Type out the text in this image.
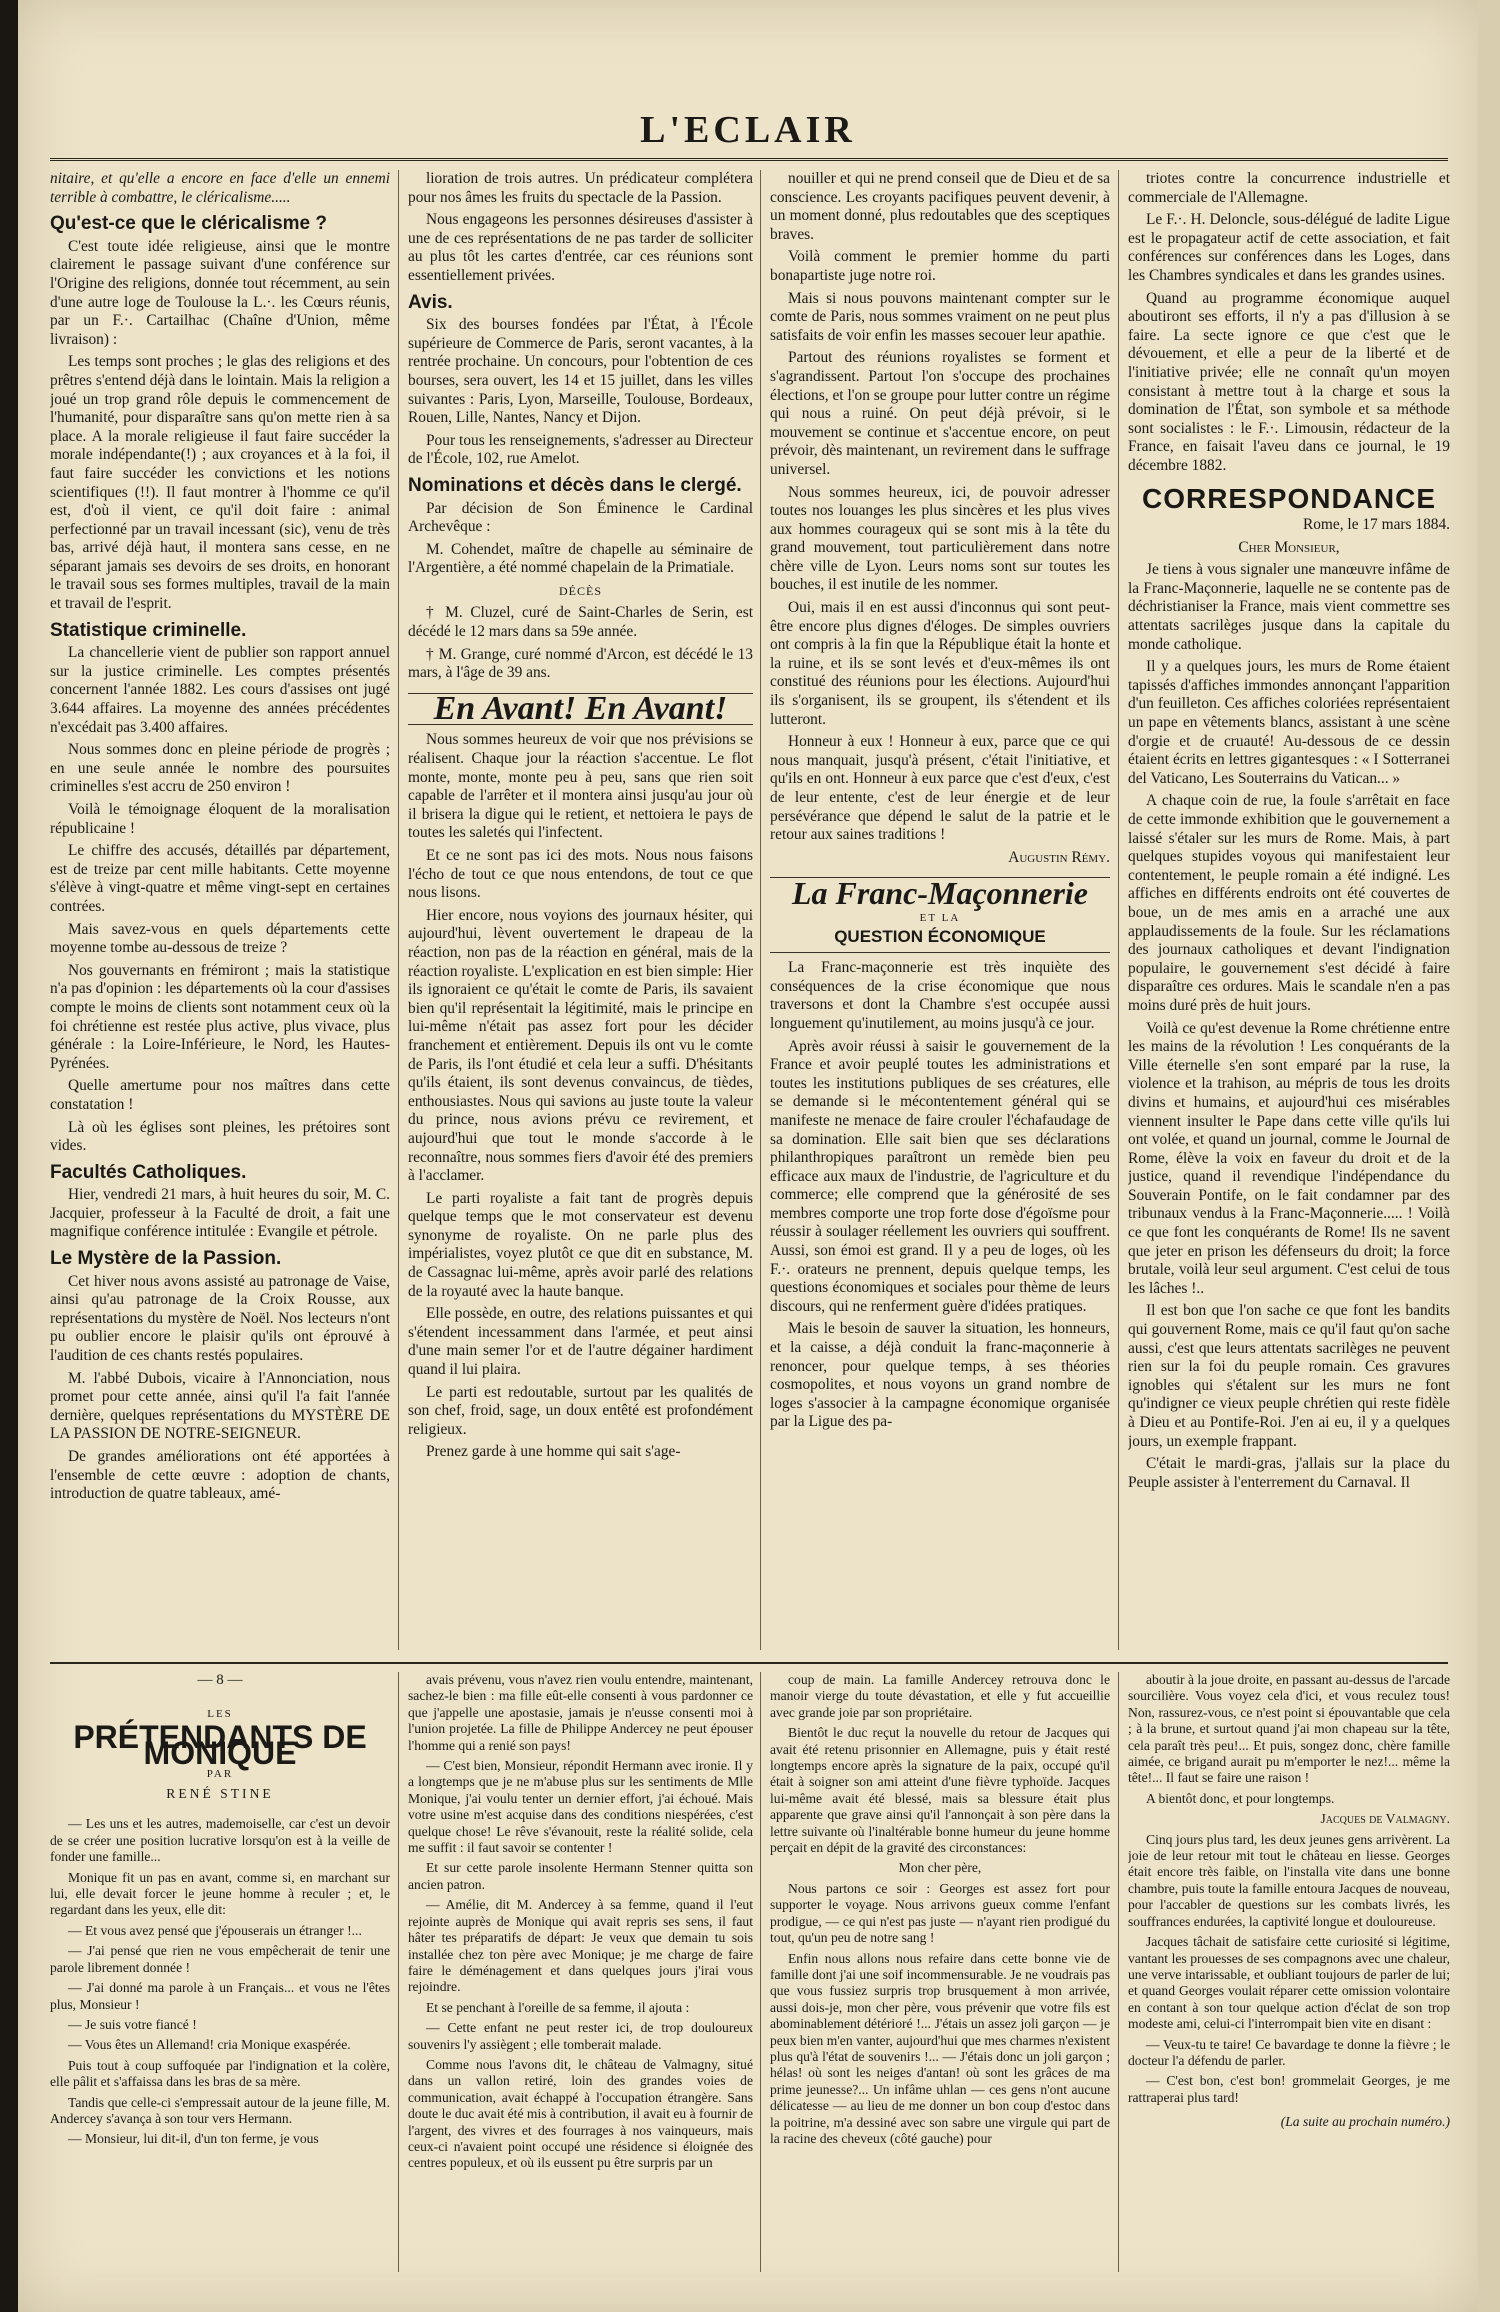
L'ECLAIR

nitaire, et qu'elle a encore en face d'elle un ennemi terrible à combattre, le cléricalisme.....

Qu'est-ce que le cléricalisme ?

C'est toute idée religieuse, ainsi que le montre clairement le passage suivant d'une conférence sur l'Origine des religions, donnée tout récemment, au sein d'une autre loge de Toulouse la L.·. les Cœurs réunis, par un F.·. Cartailhac (Chaîne d'Union, même livraison) :

Les temps sont proches ; le glas des religions et des prêtres s'entend déjà dans le lointain. Mais la religion a joué un trop grand rôle depuis le commencement de l'humanité, pour disparaître sans qu'on mette rien à sa place. A la morale religieuse il faut faire succéder la morale indépendante(!) ; aux croyances et à la foi, il faut faire succéder les convictions et les notions scientifiques (!!). Il faut montrer à l'homme ce qu'il est, d'où il vient, ce qu'il doit faire : animal perfectionné par un travail incessant (sic), venu de très bas, arrivé déjà haut, il montera sans cesse, en ne séparant jamais ses devoirs de ses droits, en honorant le travail sous ses formes multiples, travail de la main et travail de l'esprit.

Statistique criminelle.

La chancellerie vient de publier son rapport annuel sur la justice criminelle. Les comptes présentés concernent l'année 1882. Les cours d'assises ont jugé 3.644 affaires. La moyenne des années précédentes n'excédait pas 3.400 affaires.

Nous sommes donc en pleine période de progrès ; en une seule année le nombre des poursuites criminelles s'est accru de 250 environ !

Voilà le témoignage éloquent de la moralisation républicaine !

Le chiffre des accusés, détaillés par département, est de treize par cent mille habitants. Cette moyenne s'élève à vingt-quatre et même vingt-sept en certaines contrées.

Mais savez-vous en quels départements cette moyenne tombe au-dessous de treize ?

Nos gouvernants en frémiront ; mais la statistique n'a pas d'opinion : les départements où la cour d'assises compte le moins de clients sont notamment ceux où la foi chrétienne est restée plus active, plus vivace, plus générale : la Loire-Inférieure, le Nord, les Hautes-Pyrénées.

Quelle amertume pour nos maîtres dans cette constatation !

Là où les églises sont pleines, les prétoires sont vides.

Facultés Catholiques.

Hier, vendredi 21 mars, à huit heures du soir, M. C. Jacquier, professeur à la Faculté de droit, a fait une magnifique conférence intitulée : Evangile et pétrole.

Le Mystère de la Passion.

Cet hiver nous avons assisté au patronage de Vaise, ainsi qu'au patronage de la Croix Rousse, aux représentations du mystère de Noël. Nos lecteurs n'ont pu oublier encore le plaisir qu'ils ont éprouvé à l'audition de ces chants restés populaires.

M. l'abbé Dubois, vicaire à l'Annonciation, nous promet pour cette année, ainsi qu'il l'a fait l'année dernière, quelques représentations du MYSTÈRE DE LA PASSION DE NOTRE-SEIGNEUR.

De grandes améliorations ont été apportées à l'ensemble de cette œuvre : adoption de chants, introduction de quatre tableaux, amé-

lioration de trois autres. Un prédicateur complétera pour nos âmes les fruits du spectacle de la Passion.

Nous engageons les personnes désireuses d'assister à une de ces représentations de ne pas tarder de solliciter au plus tôt les cartes d'entrée, car ces réunions sont essentiellement privées.

Avis.

Six des bourses fondées par l'État, à l'École supérieure de Commerce de Paris, seront vacantes, à la rentrée prochaine. Un concours, pour l'obtention de ces bourses, sera ouvert, les 14 et 15 juillet, dans les villes suivantes : Paris, Lyon, Marseille, Toulouse, Bordeaux, Rouen, Lille, Nantes, Nancy et Dijon.

Pour tous les renseignements, s'adresser au Directeur de l'École, 102, rue Amelot.

Nominations et décès dans le clergé.

Par décision de Son Éminence le Cardinal Archevêque :

M. Cohendet, maître de chapelle au séminaire de l'Argentière, a été nommé chapelain de la Primatiale.

DÉCÈS

† M. Cluzel, curé de Saint-Charles de Serin, est décédé le 12 mars dans sa 59e année.

† M. Grange, curé nommé d'Arcon, est décédé le 13 mars, à l'âge de 39 ans.

En Avant! En Avant!

Nous sommes heureux de voir que nos prévisions se réalisent. Chaque jour la réaction s'accentue. Le flot monte, monte, monte peu à peu, sans que rien soit capable de l'arrêter et il montera ainsi jusqu'au jour où il brisera la digue qui le retient, et nettoiera le pays de toutes les saletés qui l'infectent.

Et ce ne sont pas ici des mots. Nous nous faisons l'écho de tout ce que nous entendons, de tout ce que nous lisons.

Hier encore, nous voyions des journaux hésiter, qui aujourd'hui, lèvent ouvertement le drapeau de la réaction, non pas de la réaction en général, mais de la réaction royaliste. L'explication en est bien simple: Hier ils ignoraient ce qu'était le comte de Paris, ils savaient bien qu'il représentait la légitimité, mais le principe en lui-même n'était pas assez fort pour les décider franchement et entièrement. Depuis ils ont vu le comte de Paris, ils l'ont étudié et cela leur a suffi. D'hésitants qu'ils étaient, ils sont devenus convaincus, de tièdes, enthousiastes. Nous qui savions au juste toute la valeur du prince, nous avions prévu ce revirement, et aujourd'hui que tout le monde s'accorde à le reconnaître, nous sommes fiers d'avoir été des premiers à l'acclamer.

Le parti royaliste a fait tant de progrès depuis quelque temps que le mot conservateur est devenu synonyme de royaliste. On ne parle plus des impérialistes, voyez plutôt ce que dit en substance, M. de Cassagnac lui-même, après avoir parlé des relations de la royauté avec la haute banque.

Elle possède, en outre, des relations puissantes et qui s'étendent incessamment dans l'armée, et peut ainsi d'une main semer l'or et de l'autre dégainer hardiment quand il lui plaira.

Le parti est redoutable, surtout par les qualités de son chef, froid, sage, un doux entêté est profondément religieux.

Prenez garde à une homme qui sait s'age-

nouiller et qui ne prend conseil que de Dieu et de sa conscience. Les croyants pacifiques peuvent devenir, à un moment donné, plus redoutables que des sceptiques braves.

Voilà comment le premier homme du parti bonapartiste juge notre roi.

Mais si nous pouvons maintenant compter sur le comte de Paris, nous sommes vraiment on ne peut plus satisfaits de voir enfin les masses secouer leur apathie.

Partout des réunions royalistes se forment et s'agrandissent. Partout l'on s'occupe des prochaines élections, et l'on se groupe pour lutter contre un régime qui nous a ruiné. On peut déjà prévoir, si le mouvement se continue et s'accentue encore, on peut prévoir, dès maintenant, un revirement dans le suffrage universel.

Nous sommes heureux, ici, de pouvoir adresser toutes nos louanges les plus sincères et les plus vives aux hommes courageux qui se sont mis à la tête du grand mouvement, tout particulièrement dans notre chère ville de Lyon. Leurs noms sont sur toutes les bouches, il est inutile de les nommer.

Oui, mais il en est aussi d'inconnus qui sont peut-être encore plus dignes d'éloges. De simples ouvriers ont compris à la fin que la République était la honte et la ruine, et ils se sont levés et d'eux-mêmes ils ont constitué des réunions pour les élections. Aujourd'hui ils s'organisent, ils se groupent, ils s'étendent et ils lutteront.

Honneur à eux ! Honneur à eux, parce que ce qui nous manquait, jusqu'à présent, c'était l'initiative, et qu'ils en ont. Honneur à eux parce que c'est d'eux, c'est de leur entente, c'est de leur énergie et de leur persévérance que dépend le salut de la patrie et le retour aux saines traditions !

Augustin Rémy.

La Franc-Maçonnerie
ET LA
QUESTION ÉCONOMIQUE

La Franc-maçonnerie est très inquiète des conséquences de la crise économique que nous traversons et dont la Chambre s'est occupée aussi longuement qu'inutilement, au moins jusqu'à ce jour.

Après avoir réussi à saisir le gouvernement de la France et avoir peuplé toutes les administrations et toutes les institutions publiques de ses créatures, elle se demande si le mécontentement général qui se manifeste ne menace de faire crouler l'échafaudage de sa domination. Elle sait bien que ses déclarations philanthropiques paraîtront un remède bien peu efficace aux maux de l'industrie, de l'agriculture et du commerce; elle comprend que la générosité de ses membres comporte une trop forte dose d'égoïsme pour réussir à soulager réellement les ouvriers qui souffrent. Aussi, son émoi est grand. Il y a peu de loges, où les F.·. orateurs ne prennent, depuis quelque temps, les questions économiques et sociales pour thème de leurs discours, qui ne renferment guère d'idées pratiques.

Mais le besoin de sauver la situation, les honneurs, et la caisse, a déjà conduit la franc-maçonnerie à renoncer, pour quelque temps, à ses théories cosmopolites, et nous voyons un grand nombre de loges s'associer à la campagne économique organisée par la Ligue des pa-

triotes contre la concurrence industrielle et commerciale de l'Allemagne.

Le F.·. H. Deloncle, sous-délégué de ladite Ligue est le propagateur actif de cette association, et fait conférences sur conférences dans les Loges, dans les Chambres syndicales et dans les grandes usines.

Quand au programme économique auquel aboutiront ses efforts, il n'y a pas d'illusion à se faire. La secte ignore ce que c'est que le dévouement, et elle a peur de la liberté et de l'initiative privée; elle ne connaît qu'un moyen consistant à mettre tout à la charge et sous la domination de l'État, son symbole et sa méthode sont socialistes : le F.·. Limousin, rédacteur de la France, en faisait l'aveu dans ce journal, le 19 décembre 1882.

CORRESPONDANCE

Rome, le 17 mars 1884.

Cher Monsieur,

Je tiens à vous signaler une manœuvre infâme de la Franc-Maçonnerie, laquelle ne se contente pas de déchristianiser la France, mais vient commettre ses attentats sacrilèges jusque dans la capitale du monde catholique.

Il y a quelques jours, les murs de Rome étaient tapissés d'affiches immondes annonçant l'apparition d'un feuilleton. Ces affiches coloriées représentaient un pape en vêtements blancs, assistant à une scène d'orgie et de cruauté! Au-dessous de ce dessin étaient écrits en lettres gigantesques : « I Sotterranei del Vaticano, Les Souterrains du Vatican... »

A chaque coin de rue, la foule s'arrêtait en face de cette immonde exhibition que le gouvernement a laissé s'étaler sur les murs de Rome. Mais, à part quelques stupides voyous qui manifestaient leur contentement, le peuple romain a été indigné. Les affiches en différents endroits ont été couvertes de boue, un de mes amis en a arraché une aux applaudissements de la foule. Sur les réclamations des journaux catholiques et devant l'indignation populaire, le gouvernement s'est décidé à faire disparaître ces ordures. Mais le scandale n'en a pas moins duré près de huit jours.

Voilà ce qu'est devenue la Rome chrétienne entre les mains de la révolution ! Les conquérants de la Ville éternelle s'en sont emparé par la ruse, la violence et la trahison, au mépris de tous les droits divins et humains, et aujourd'hui ces misérables viennent insulter le Pape dans cette ville qu'ils lui ont volée, et quand un journal, comme le Journal de Rome, élève la voix en faveur du droit et de la justice, quand il revendique l'indépendance du Souverain Pontife, on le fait condamner par des tribunaux vendus à la Franc-Maçonnerie..... ! Voilà ce que font les conquérants de Rome! Ils ne savent que jeter en prison les défenseurs du droit; la force brutale, voilà leur seul argument. C'est celui de tous les lâches !..

Il est bon que l'on sache ce que font les bandits qui gouvernent Rome, mais ce qu'il faut qu'on sache aussi, c'est que leurs attentats sacrilèges ne peuvent rien sur la foi du peuple romain. Ces gravures ignobles qui s'étalent sur les murs ne font qu'indigner ce vieux peuple chrétien qui reste fidèle à Dieu et au Pontife-Roi. J'en ai eu, il y a quelques jours, un exemple frappant.

C'était le mardi-gras, j'allais sur la place du Peuple assister à l'enterrement du Carnaval. Il

— 8 —
LES
PRÉTENDANTS DE MONIQUE
PAR
RENÉ STINE

— Les uns et les autres, mademoiselle, car c'est un devoir de se créer une position lucrative lorsqu'on est à la veille de fonder une famille...

Monique fit un pas en avant, comme si, en marchant sur lui, elle devait forcer le jeune homme à reculer ; et, le regardant dans les yeux, elle dit:

— Et vous avez pensé que j'épouserais un étranger !...

— J'ai pensé que rien ne vous empêcherait de tenir une parole librement donnée !

— J'ai donné ma parole à un Français... et vous ne l'êtes plus, Monsieur !

— Je suis votre fiancé !

— Vous êtes un Allemand! cria Monique exaspérée.

Puis tout à coup suffoquée par l'indignation et la colère, elle pâlit et s'affaissa dans les bras de sa mère.

Tandis que celle-ci s'empressait autour de la jeune fille, M. Andercey s'avança à son tour vers Hermann.

— Monsieur, lui dit-il, d'un ton ferme, je vous

avais prévenu, vous n'avez rien voulu entendre, maintenant, sachez-le bien : ma fille eût-elle consenti à vous pardonner ce que j'appelle une apostasie, jamais je n'eusse consenti moi à l'union projetée. La fille de Philippe Andercey ne peut épouser l'homme qui a renié son pays!

— C'est bien, Monsieur, répondit Hermann avec ironie. Il y a longtemps que je ne m'abuse plus sur les sentiments de Mlle Monique, j'ai voulu tenter un dernier effort, j'ai échoué. Mais votre usine m'est acquise dans des conditions niespérées, c'est quelque chose! Le rêve s'évanouit, reste la réalité solide, cela me suffit : il faut savoir se contenter !

Et sur cette parole insolente Hermann Stenner quitta son ancien patron.

— Amélie, dit M. Andercey à sa femme, quand il l'eut rejointe auprès de Monique qui avait repris ses sens, il faut hâter tes préparatifs de départ: Je veux que demain tu sois installée chez ton père avec Monique; je me charge de faire faire le déménagement et dans quelques jours j'irai vous rejoindre.

Et se penchant à l'oreille de sa femme, il ajouta :

— Cette enfant ne peut rester ici, de trop douloureux souvenirs l'y assiègent ; elle tomberait malade.

Comme nous l'avons dit, le château de Valmagny, situé dans un vallon retiré, loin des grandes voies de communication, avait échappé à l'occupation étrangère. Sans doute le duc avait été mis à contribution, il avait eu à fournir de l'argent, des vivres et des fourrages à nos vainqueurs, mais ceux-ci n'avaient point occupé une résidence si éloignée des centres populeux, et où ils eussent pu être surpris par un

coup de main. La famille Andercey retrouva donc le manoir vierge du toute dévastation, et elle y fut accueillie avec grande joie par son propriétaire.

Bientôt le duc reçut la nouvelle du retour de Jacques qui avait été retenu prisonnier en Allemagne, puis y était resté longtemps encore après la signature de la paix, occupé qu'il était à soigner son ami atteint d'une fièvre typhoïde. Jacques lui-même avait été blessé, mais sa blessure était plus apparente que grave ainsi qu'il l'annonçait à son père dans la lettre suivante où l'inaltérable bonne humeur du jeune homme perçait en dépit de la gravité des circonstances:

Mon cher père,

Nous partons ce soir : Georges est assez fort pour supporter le voyage. Nous arrivons gueux comme l'enfant prodigue, — ce qui n'est pas juste — n'ayant rien prodigué du tout, qu'un peu de notre sang !

Enfin nous allons nous refaire dans cette bonne vie de famille dont j'ai une soif incommensurable. Je ne voudrais pas que vous fussiez surpris trop brusquement à mon arrivée, aussi dois-je, mon cher père, vous prévenir que votre fils est abominablement détérioré !... J'étais un assez joli garçon — je peux bien m'en vanter, aujourd'hui que mes charmes n'existent plus qu'à l'état de souvenirs !... — J'étais donc un joli garçon ; hélas! où sont les neiges d'antan! où sont les grâces de ma prime jeunesse?... Un infâme uhlan — ces gens n'ont aucune délicatesse — au lieu de me donner un bon coup d'estoc dans la poitrine, m'a dessiné avec son sabre une virgule qui part de la racine des cheveux (côté gauche) pour

aboutir à la joue droite, en passant au-dessus de l'arcade sourcilière. Vous voyez cela d'ici, et vous reculez tous! Non, rassurez-vous, ce n'est point si épouvantable que cela ; à la brune, et surtout quand j'ai mon chapeau sur la tête, cela paraît très peu!... Et puis, songez donc, chère famille aimée, ce brigand aurait pu m'emporter le nez!... même la tête!... Il faut se faire une raison !

A bientôt donc, et pour longtemps.

Jacques de Valmagny.

Cinq jours plus tard, les deux jeunes gens arrivèrent. La joie de leur retour mit tout le château en liesse. Georges était encore très faible, on l'installa vite dans une bonne chambre, puis toute la famille entoura Jacques de nouveau, pour l'accabler de questions sur les combats livrés, les souffrances endurées, la captivité longue et douloureuse.

Jacques tâchait de satisfaire cette curiosité si légitime, vantant les prouesses de ses compagnons avec une chaleur, une verve intarissable, et oubliant toujours de parler de lui; et quand Georges voulait réparer cette omission volontaire en contant à son tour quelque action d'éclat de son trop modeste ami, celui-ci l'interrompait bien vite en disant :

— Veux-tu te taire! Ce bavardage te donne la fièvre ; le docteur l'a défendu de parler.

— C'est bon, c'est bon! grommelait Georges, je me rattraperai plus tard!

(La suite au prochain numéro.)
